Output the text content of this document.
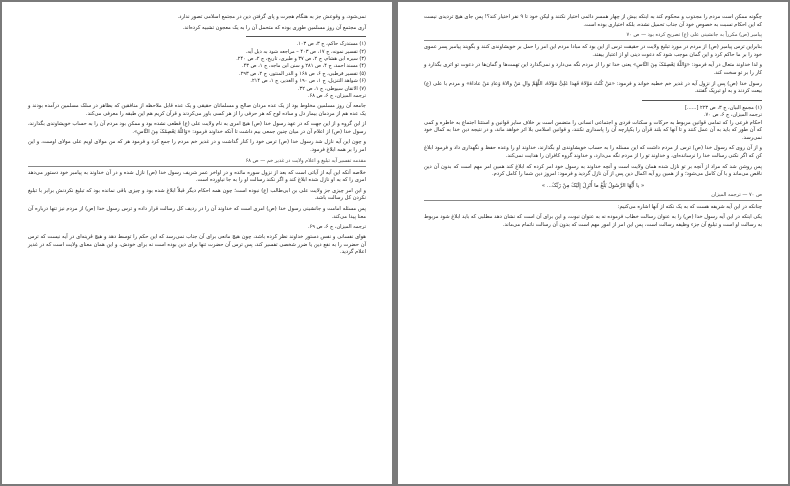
نمی‌شود، و وقوعش جز به هنگام هجرت و پای گرفتن دین در مجتمع اسلامی تصور ندارد.

آری مجتمع آن روز مسلمین طوری بوده که متحمل آن را به یک معجون تشبیه کرده‌اند.

(۱) مستدرک حاکم، ج ۳، ص ۱۰۳.

(۲) تفسیر نمونه، ج ۱۷، ص ۴۰۳ – مراجعه شود به ذیل آیه.

(۳) سیره ابن هشام، ج ۲، ص ۳۷ و طبری، تاریخ، ج ۲، ص ۲۴۰.

(۴) مسند احمد، ج ۴، ص ۲۸۱ و سنن ابن ماجه، ج ۱، ص ۴۳.

(۵) تفسیر قرطبی، ج ۶، ص ۱۶۸ و الدر المنثور، ج ۲، ص ۲۹۳.

(۶) شواهد التنزیل، ج ۱، ص ۱۹۰ و الغدیر، ج ۱، ص ۲۱۴.

(۷) الاتقان سیوطی، ج ۱، ص ۳۲.

ترجمه المیزان، ج ۶، ص ۶۸.

جامعه آن روز مسلمین مخلوط بود از یک عده مردان صالح و مسلمانان حقیقی و یک عده قابل ملاحظه از منافقین که بظاهر در سلک مسلمین درآمده بودند و یک عده هم از مردمان بیمار دل و ساده لوح که هر حرفی را از هر کسی باور می‌کردند و قرآن کریم هم این طبقه را معرفی می‌کند.

از این گروه و از این جهت که در عهد رسول خدا (ص) هیچ امری به نام ولایت علی (ع) قطعی نشده بود و ممکن بود مردم آن را به حساب خویشاوندی بگذارند، رسول خدا (ص) از اعلام آن در میان چنین جمعی بیم داشت تا آنکه خداوند فرمود: «وَاللَّهُ یَعْصِمُکَ مِنَ النَّاسِ».

و چون این آیه نازل شد رسول خدا (ص) ترس خود را کنار گذاشت و در غدیر خم مردم را جمع کرد و فرمود هر که من مولای اویم علی مولای اوست، و این امر را بر همه ابلاغ فرمود.

مقدمه تفسیر آیه تبلیغ و اعلام ولایت در غدیر خم — ص ۶۸

خلاصه آنکه این آیه از آیاتی است که بعد از نزول سوره مائده و در اواخر عمر شریف رسول خدا (ص) نازل شده و در آن خداوند به پیامبر خود دستور می‌دهد امری را که به او نازل شده ابلاغ کند و اگر نکند رسالت او را به جا نیاورده است.

و این امر چیزی جز ولایت علی بن ابی‌طالب (ع) نبوده است؛ چون همه احکام دیگر قبلاً ابلاغ شده بود و چیزی باقی نمانده بود که تبلیغ نکردنش برابر با تبلیغ نکردن کل رسالت باشد.

پس مسئله امامت و جانشینی رسول خدا (ص) امری است که خداوند آن را در ردیف کل رسالت قرار داده و ترس رسول خدا (ص) از مردم نیز تنها درباره آن معنا پیدا می‌کند.

ترجمه المیزان، ج ۶، ص ۶۹.

هوای نفسانی و نفس دستور خداوند نظر کرده باشد، چون هیچ مانعی برای آن جناب نمی‌رسد که این حکم را توسط دهد و هیچ قرینه‌ای در آیه نیست که ترس آن حضرت را به نفع دین یا ضرر شخصی تفسیر کند، پس ترس آن حضرت تنها برای دین بوده است نه برای خودش، و این همان معنای ولایت است که در غدیر اعلام گردید.

چگونه ممکن است مردم را مجذوب و محکوم کند به اینکه بیش از چهار همسر دائمی اختیار نکنند و لیکن خود تا ۹ نفر اختیار کند؟! پس جای هیچ تردیدی نیست که این احکام نسبت به خصوص خود آن جناب تحمیل نشده، بلکه اختیاری بوده است.

پیامبر (ص) مکرراً به جانشینی علی (ع) تصریح کرده بود — ص ۷۰

بنابراین ترس پیامبر (ص) از مردم در مورد تبلیغ ولایت در حقیقت ترس از این بود که مبادا مردم این امر را حمل بر خویشاوندی کنند و بگویند پیامبر پسر عموی خود را بر ما حاکم کرد و این گمان موجب شود که دعوت دینی او از اعتبار بیفتد.

و لذا خداوند متعال در آیه فرمود: «وَاللَّهُ یَعْصِمُکَ مِنَ النَّاسِ» یعنی خدا تو را از مردم نگه می‌دارد و نمی‌گذارد این تهمت‌ها و گمان‌ها در دعوت تو اثری بگذارد و کار را بر تو سخت کند.

رسول خدا (ص) پس از نزول آیه در غدیر خم خطبه خواند و فرمود: «مَنْ کُنْتُ مَوْلاهُ فَهذا عَلِیٌّ مَوْلاهُ، اللَّهُمَّ والِ مَنْ والاهُ وَعادِ مَنْ عاداهُ» و مردم با علی (ع) بیعت کردند و به او تبریک گفتند.

(۱) مجمع البیان، ج ۳، ص ۲۲۳ [......]

ترجمه المیزان، ج ۶، ص ۷۰.

احکام فرعی را که تمامی قوانین مربوط به حرکات و سکنات فردی و اجتماعی انسانی را متضمن است بر خلاف سایر قوانین و استثنا اجتماع به خاطره و کمی که آن طور که باید به آن عمل کنند و تا آنها که بلند قرآن را یکپارچه آن را پاسداری نکنند، و قوانین اسلامی بلا اثر خواهد ماند، و در نتیجه دین خدا به کمال خود نمی‌رسد.

و از آن روی که رسول خدا (ص) ترس از مردم داشت که این مسئله را به حساب خویشاوندی او بگذارند، خداوند او را وعده حفظ و نگهداری داد و فرمود ابلاغ کن که اگر نکنی رسالت خدا را نرسانده‌ای، و خداوند تو را از مردم نگه می‌دارد، و خداوند گروه کافران را هدایت نمی‌کند.

پس روشن شد که مراد از آنچه بر تو نازل شده همان ولایت است و آنچه خداوند به رسول خود امر کرده که ابلاغ کند همین امر مهم است که بدون آن دین ناقص می‌ماند و با آن کامل می‌شود؛ و از همین رو آیه اکمال دین پس از آن نازل گردید و فرمود: امروز دین شما را کامل کردم.

« یا أَیُّهَا الرَّسُولُ بَلِّغْ ما أُنْزِلَ إِلَیْکَ مِنْ رَبِّکَ... »

ص ۷۰ — ترجمه المیزان

چنانکه در این آیه شریفه هست که به یک نکته از آنها اشاره می‌کنیم:

یکی اینکه در این آیه رسول خدا (ص) را به عنوان رسالت خطاب فرموده نه به عنوان نبوت، و این برای آن است که نشان دهد مطلبی که باید ابلاغ شود مربوط به رسالت او است و تبلیغ آن جزء وظیفه رسالت است، پس این امر از امور مهم است که بدون آن رسالت ناتمام می‌ماند.
